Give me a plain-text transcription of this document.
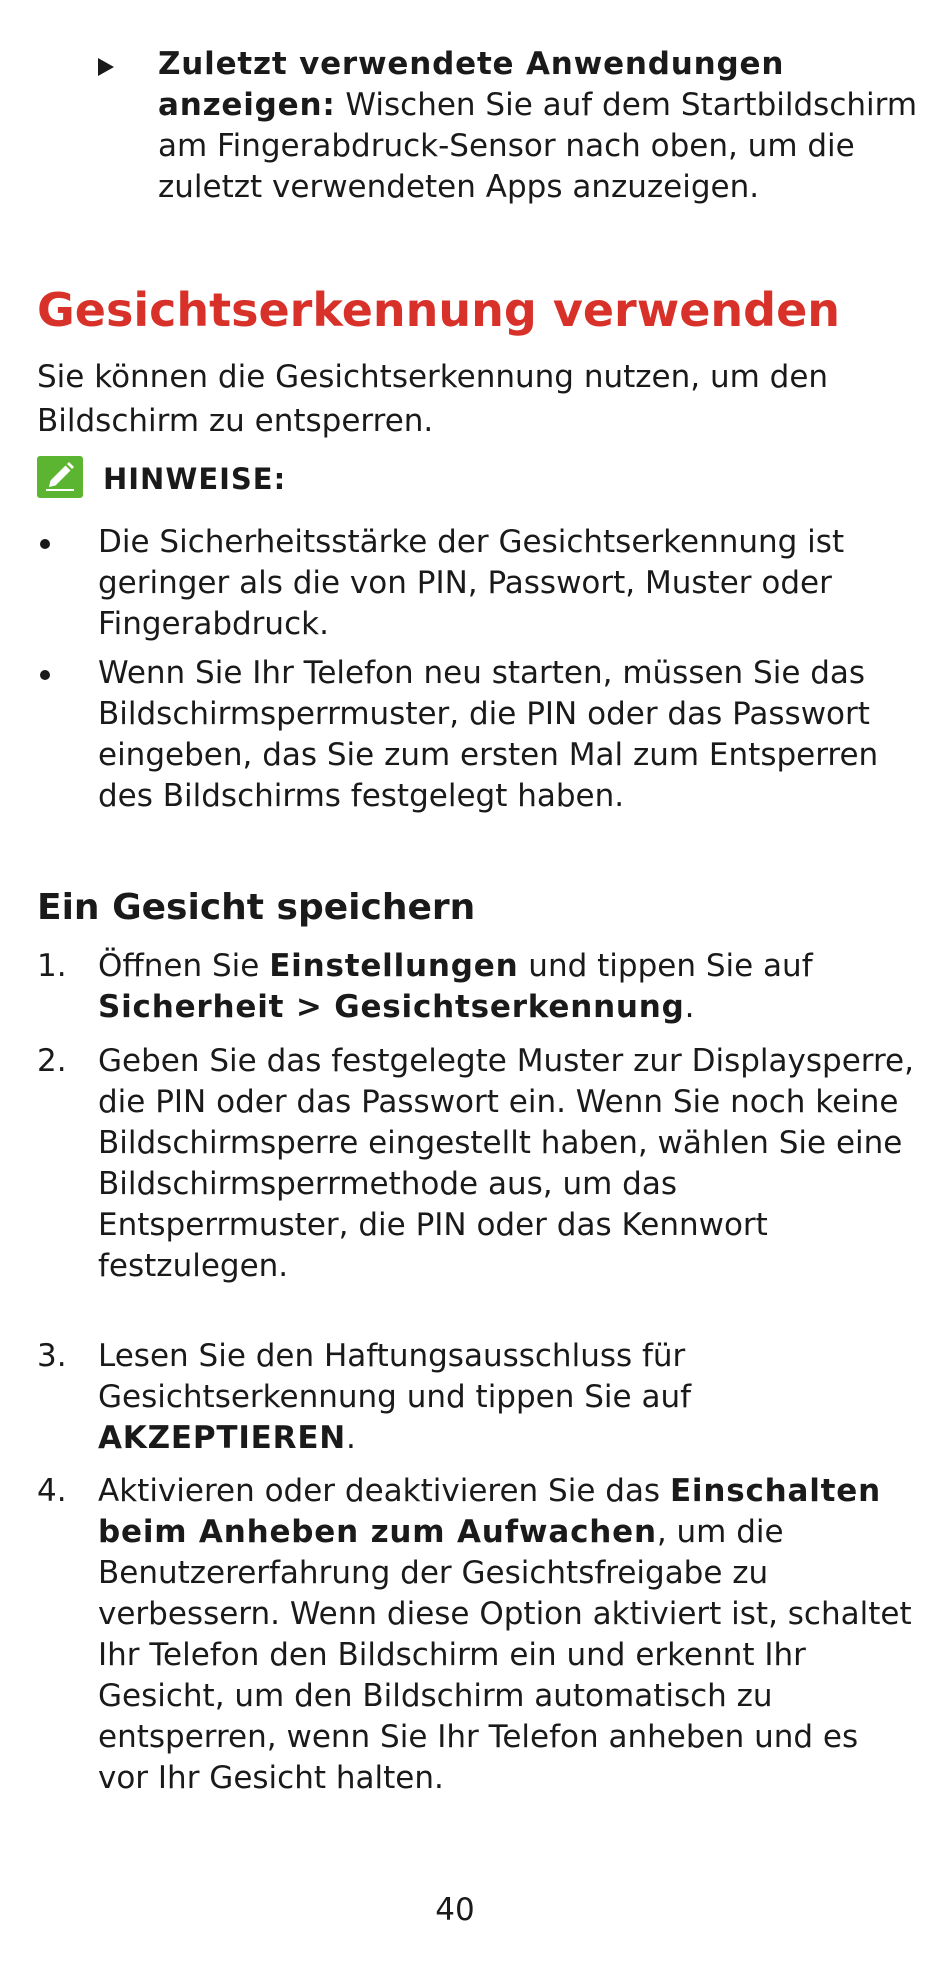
Zuletzt verwendete Anwendungen anzeigen: Wischen Sie auf dem Startbildschirm am Fingerabdruck-Sensor nach oben, um die zuletzt verwendeten Apps anzuzeigen.

Gesichtserkennung verwenden

Sie können die Gesichtserkennung nutzen, um den Bildschirm zu entsperren.

HINWEISE:

Die Sicherheitsstärke der Gesichtserkennung ist geringer als die von PIN, Passwort, Muster oder Fingerabdruck.

Wenn Sie Ihr Telefon neu starten, müssen Sie das Bildschirmsperrmuster, die PIN oder das Passwort eingeben, das Sie zum ersten Mal zum Entsperren des Bildschirms festgelegt haben.

Ein Gesicht speichern
1. Öffnen Sie Einstellungen und tippen Sie auf
Sicherheit > Gesichtserkennung.

2. Geben Sie das festgelegte Muster zur Displaysperre, die PIN oder das Passwort ein. Wenn Sie noch keine Bildschirmsperre eingestellt haben, wählen Sie eine Bildschirmsperrmethode aus, um das Entsperrmuster, die PIN oder das Kennwort festzulegen.

3. Lesen Sie den Haftungsausschluss für Gesichtserkennung und tippen Sie auf AKZEPTIEREN.

4. Aktivieren oder deaktivieren Sie das Einschalten beim Anheben zum Aufwachen, um die Benutzererfahrung der Gesichtsfreigabe zu verbessern. Wenn diese Option aktiviert ist, schaltet Ihr Telefon den Bildschirm ein und erkennt Ihr Gesicht, um den Bildschirm automatisch zu entsperren, wenn Sie Ihr Telefon anheben und es vor Ihr Gesicht halten.

40
